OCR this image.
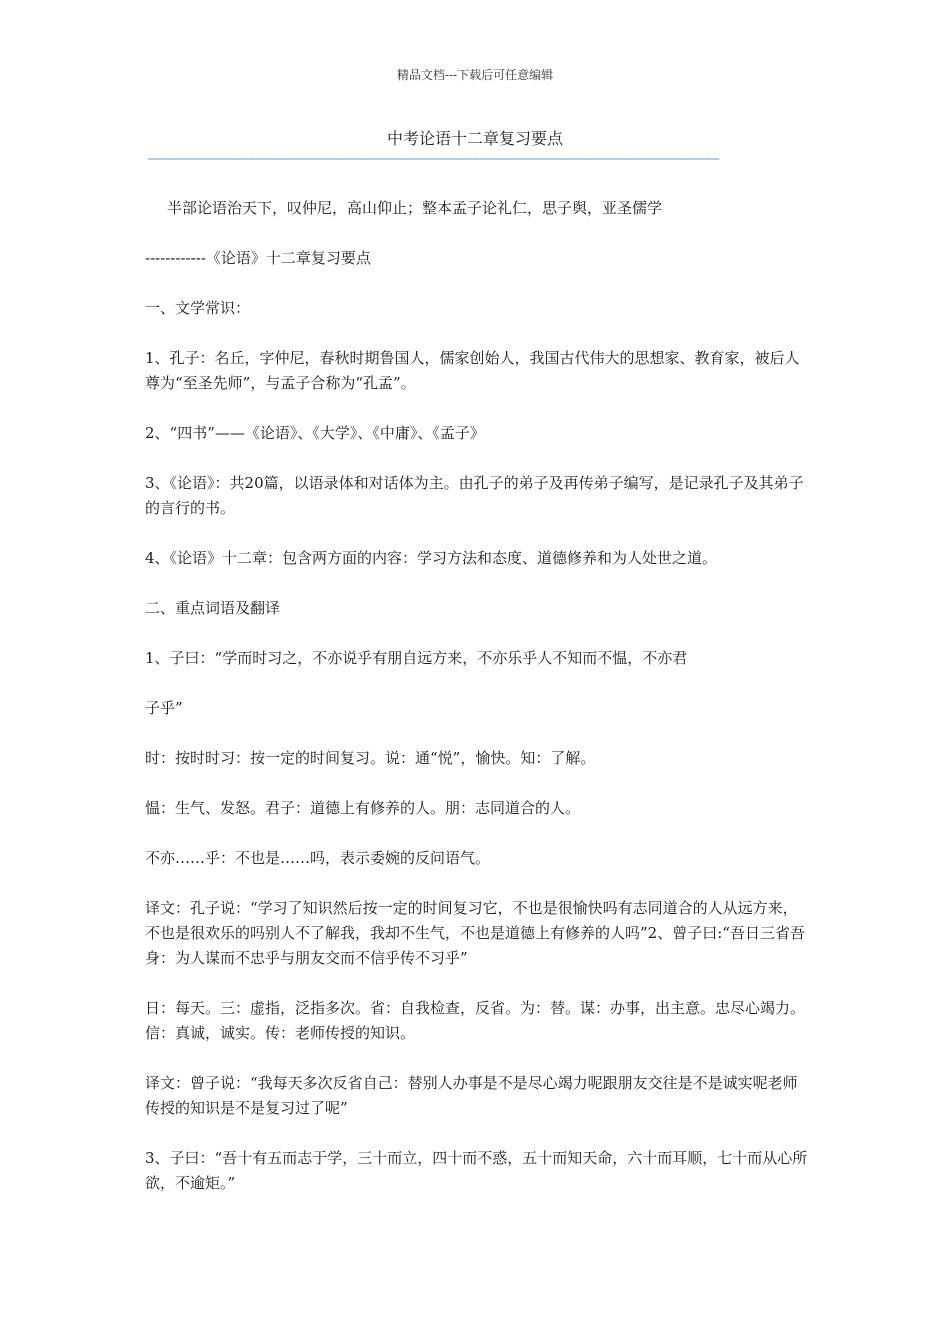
精品文档---下载后可任意编辑
中考论语十二章复习要点
──────────────────────────────────────────────────────────────────────────

半部论语治天下，叹仲尼，高山仰止；整本孟子论礼仁，思子舆，亚圣儒学

------------《论语》十二章复习要点

一、文学常识：

1、孔子：名丘，字仲尼，春秋时期鲁国人，儒家创始人，我国古代伟大的思想家、教育家，被后人尊为“至圣先师”，与孟子合称为“孔孟”。

2、“四书”——《论语》、《大学》、《中庸》、《孟子》

3、《论语》：共20篇，以语录体和对话体为主。由孔子的弟子及再传弟子编写，是记录孔子及其弟子的言行的书。

4、《论语》十二章：包含两方面的内容：学习方法和态度、道德修养和为人处世之道。

二、重点词语及翻译

1、子曰：“学而时习之，不亦说乎有朋自远方来，不亦乐乎人不知而不愠，不亦君

子乎”

时：按时时习：按一定的时间复习。说：通“悦”，愉快。知：了解。

愠：生气、发怒。君子：道德上有修养的人。朋：志同道合的人。

不亦……乎：不也是……吗，表示委婉的反问语气。

译文：孔子说：“学习了知识然后按一定的时间复习它，不也是很愉快吗有志同道合的人从远方来，不也是很欢乐的吗别人不了解我，我却不生气，不也是道德上有修养的人吗”2、曾子曰:“吾日三省吾身：为人谋而不忠乎与朋友交而不信乎传不习乎”

日：每天。三：虚指，泛指多次。省：自我检查，反省。为：替。谋：办事，出主意。忠尽心竭力。信：真诚，诚实。传：老师传授的知识。

译文：曾子说：“我每天多次反省自己：替别人办事是不是尽心竭力呢跟朋友交往是不是诚实呢老师传授的知识是不是复习过了呢”

3、子曰：“吾十有五而志于学，三十而立，四十而不惑，五十而知天命，六十而耳顺，七十而从心所欲，不逾矩。”
